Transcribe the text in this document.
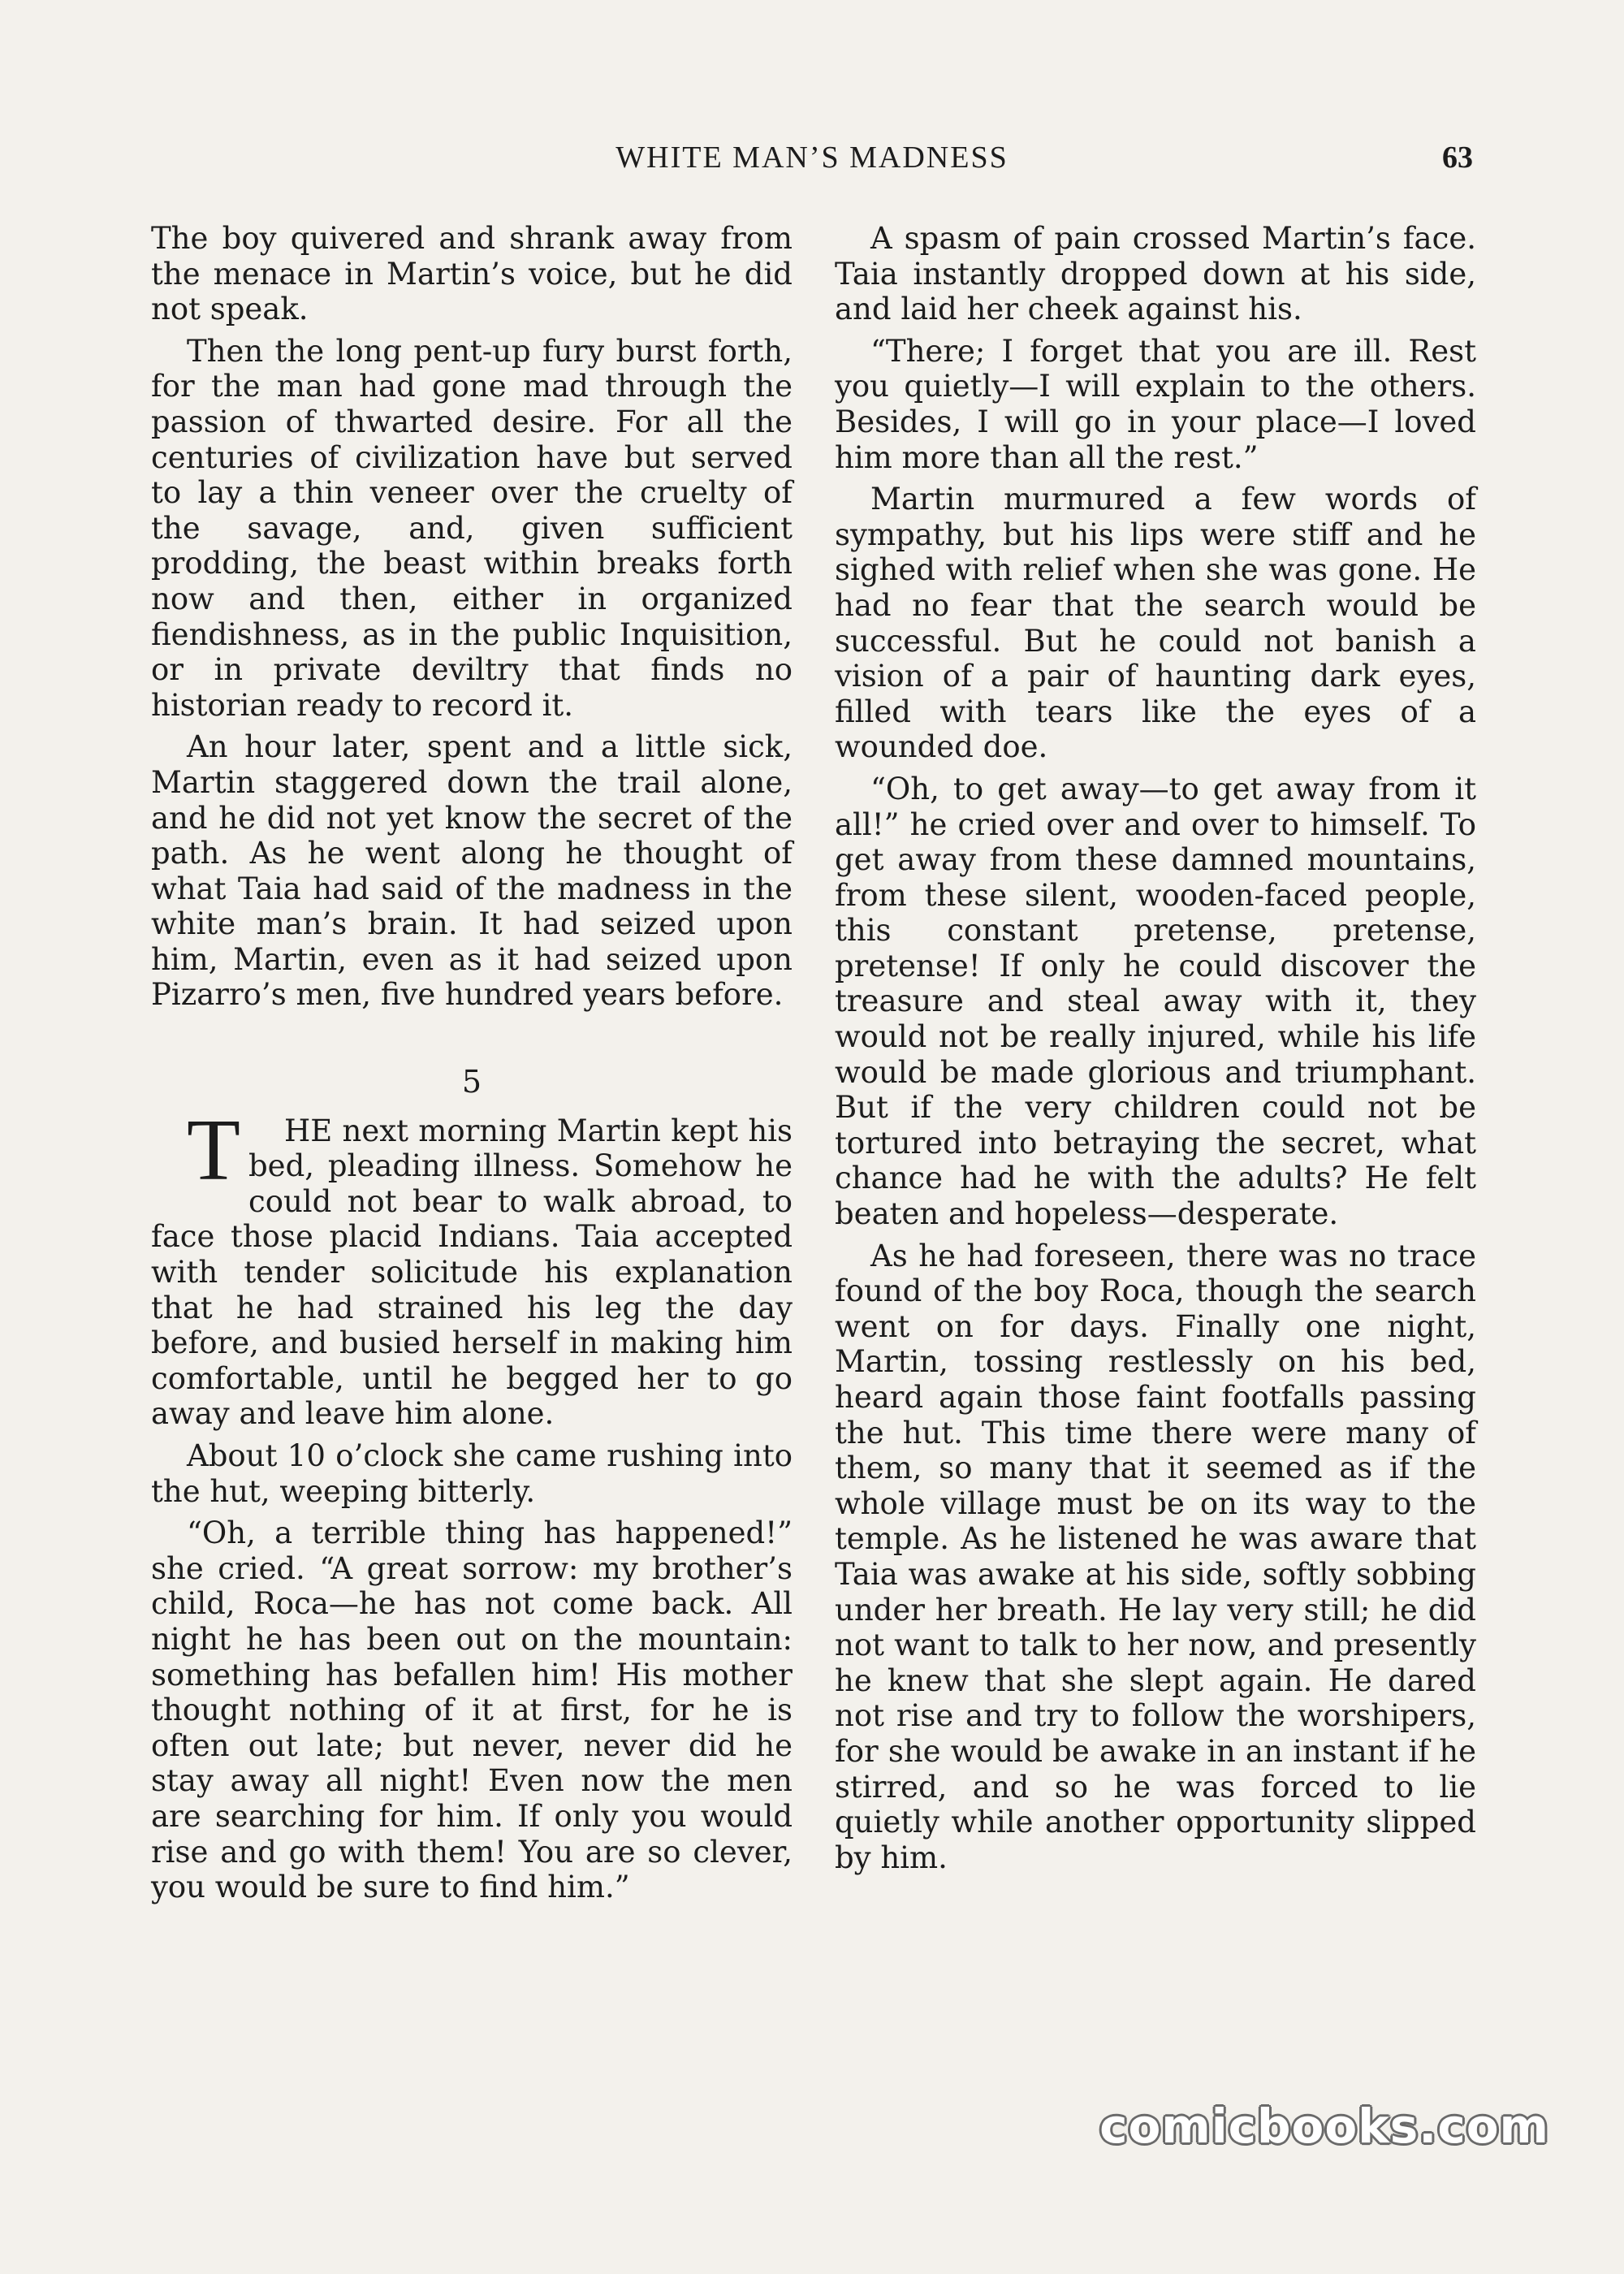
WHITE MAN’S MADNESS	63

The boy quivered and shrank away from the menace in Martin’s voice, but he did not speak.

Then the long pent-up fury burst forth, for the man had gone mad through the passion of thwarted desire. For all the centuries of civilization have but served to lay a thin veneer over the cruelty of the savage, and, given sufficient prodding, the beast within breaks forth now and then, either in organized fiendishness, as in the public Inquisition, or in private deviltry that finds no historian ready to record it.

An hour later, spent and a little sick, Martin staggered down the trail alone, and he did not yet know the secret of the path. As he went along he thought of what Taia had said of the madness in the white man’s brain. It had seized upon him, Martin, even as it had seized upon Pizarro’s men, five hundred years before.

5

T HE next morning Martin kept his bed, pleading illness. Somehow he could not bear to walk abroad, to face those placid Indians. Taia accepted with tender solicitude his explanation that he had strained his leg the day before, and busied herself in making him comfortable, until he begged her to go away and leave him alone.

About 10 o’clock she came rushing into the hut, weeping bitterly.

“Oh, a terrible thing has happened!” she cried. “A great sorrow: my brother’s child, Roca—he has not come back. All night he has been out on the mountain: something has befallen him! His mother thought nothing of it at first, for he is often out late; but never, never did he stay away all night! Even now the men are searching for him. If only you would rise and go with them! You are so clever, you would be sure to find him.”

A spasm of pain crossed Martin’s face. Taia instantly dropped down at his side, and laid her cheek against his.

“There; I forget that you are ill. Rest you quietly—I will explain to the others. Besides, I will go in your place—I loved him more than all the rest.”

Martin murmured a few words of sympathy, but his lips were stiff and he sighed with relief when she was gone. He had no fear that the search would be successful. But he could not banish a vision of a pair of haunting dark eyes, filled with tears like the eyes of a wounded doe.

“Oh, to get away—to get away from it all!” he cried over and over to himself. To get away from these damned mountains, from these silent, wooden-faced people, this constant pretense, pretense, pretense! If only he could discover the treasure and steal away with it, they would not be really injured, while his life would be made glorious and triumphant. But if the very children could not be tortured into betraying the secret, what chance had he with the adults? He felt beaten and hopeless—desperate.

As he had foreseen, there was no trace found of the boy Roca, though the search went on for days. Finally one night, Martin, tossing restlessly on his bed, heard again those faint footfalls passing the hut. This time there were many of them, so many that it seemed as if the whole village must be on its way to the temple. As he listened he was aware that Taia was awake at his side, softly sobbing under her breath. He lay very still; he did not want to talk to her now, and presently he knew that she slept again. He dared not rise and try to follow the worshipers, for she would be awake in an instant if he stirred, and so he was forced to lie quietly while another opportunity slipped by him.

comicbooks.com
